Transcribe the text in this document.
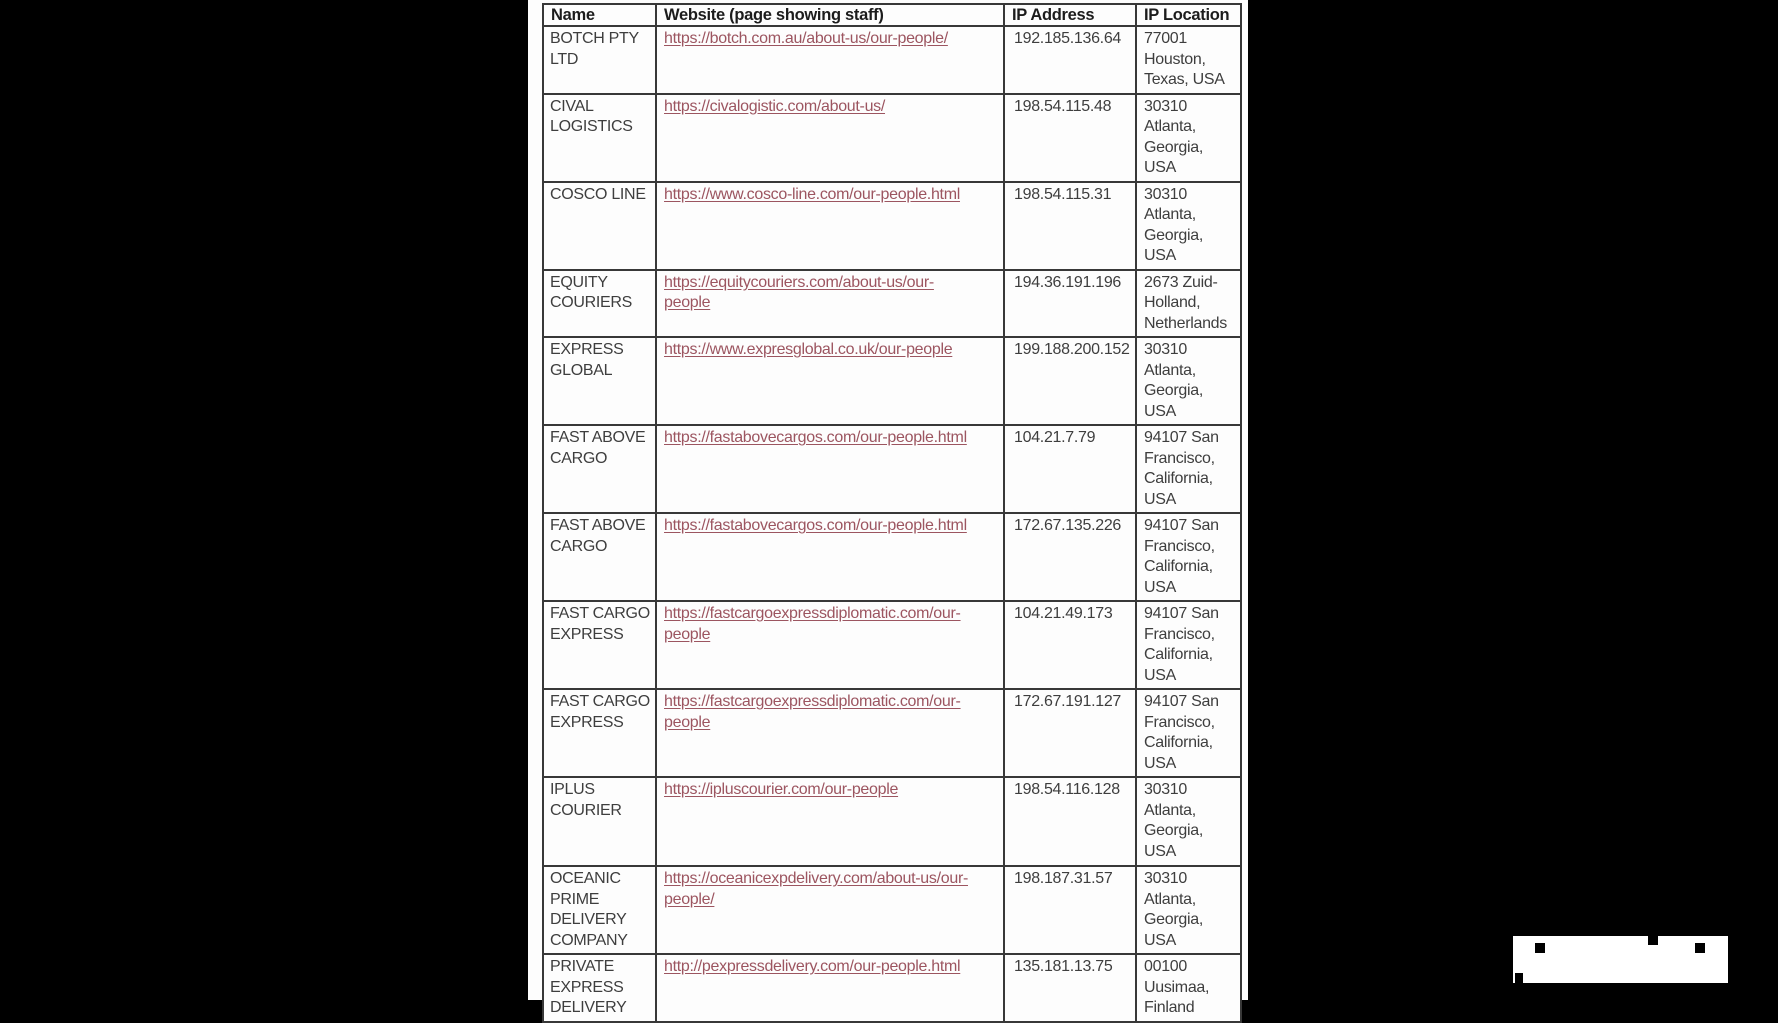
Name	Website (page showing staff)	IP Address	IP Location
BOTCH PTY LTD	https://botch.com.au/about-us/our-people/	192.185.136.64	77001
Houston,
Texas, USA
CIVAL LOGISTICS	https://civalogistic.com/about-us/	198.54.115.48	30310
Atlanta,
Georgia,
USA
COSCO LINE	https://www.cosco-line.com/our-people.html	198.54.115.31	30310
Atlanta,
Georgia,
USA
EQUITY COURIERS	https://equitycouriers.com/about-us/our-
people	194.36.191.196	2673 Zuid-
Holland,
Netherlands
EXPRESS GLOBAL	https://www.expresglobal.co.uk/our-people	199.188.200.152	30310
Atlanta,
Georgia,
USA
FAST ABOVE CARGO	https://fastabovecargos.com/our-people.html	104.21.7.79	94107 San
Francisco,
California,
USA
FAST ABOVE CARGO	https://fastabovecargos.com/our-people.html	172.67.135.226	94107 San
Francisco,
California,
USA
FAST CARGO EXPRESS	https://fastcargoexpressdiplomatic.com/our-
people	104.21.49.173	94107 San
Francisco,
California,
USA
FAST CARGO EXPRESS	https://fastcargoexpressdiplomatic.com/our-
people	172.67.191.127	94107 San
Francisco,
California,
USA
IPLUS COURIER	https://ipluscourier.com/our-people	198.54.116.128	30310
Atlanta,
Georgia,
USA
OCEANIC PRIME DELIVERY COMPANY	https://oceanicexpdelivery.com/about-us/our-
people/	198.187.31.57	30310
Atlanta,
Georgia,
USA
PRIVATE EXPRESS DELIVERY	http://pexpressdelivery.com/our-people.html	135.181.13.75	00100
Uusimaa,
Finland
